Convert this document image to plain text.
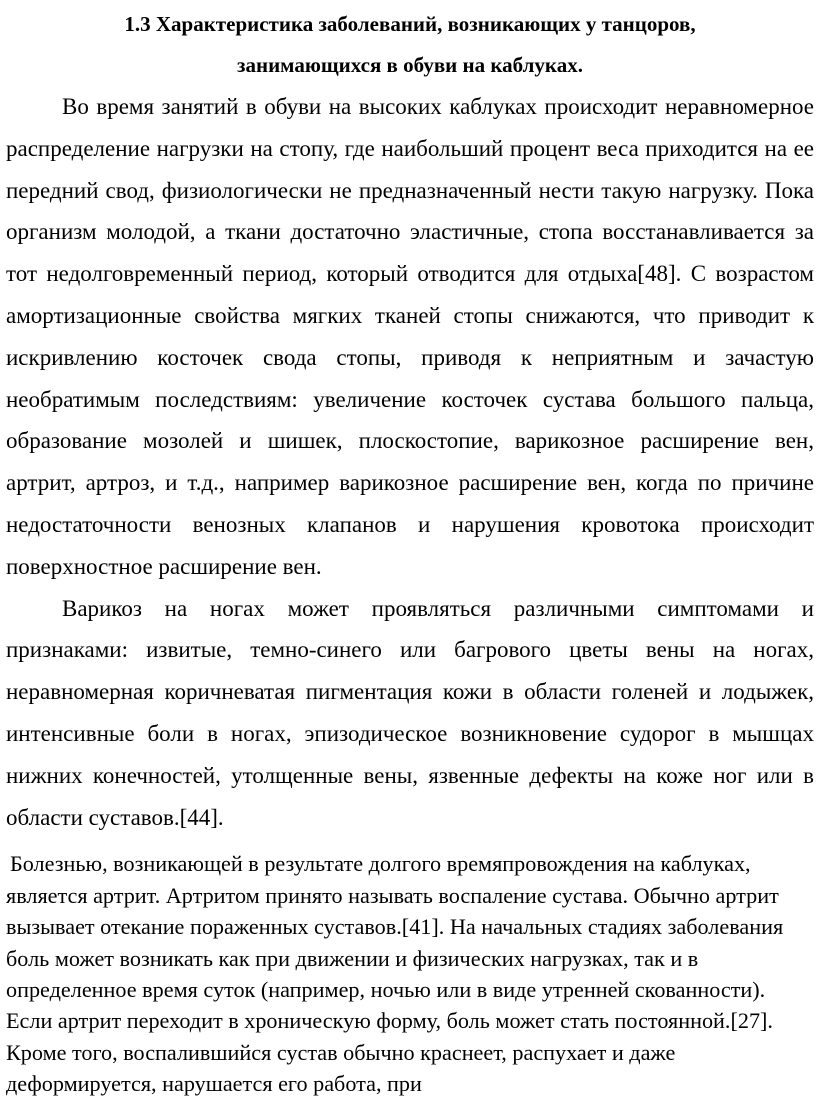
1.3 Характеристика заболеваний, возникающих у танцоров,
занимающихся в обуви на каблуках.

Во время занятий в обуви на высоких каблуках происходит неравномерное распределение нагрузки на стопу, где наибольший процент веса приходится на ее передний свод, физиологически не предназначенный нести такую нагрузку. Пока организм молодой, а ткани достаточно эластичные, стопа восстанавливается за тот недолговременный период, который отводится для отдыха[48]. С возрастом амортизационные свойства мягких тканей стопы снижаются, что приводит к искривлению косточек свода стопы, приводя к неприятным и зачастую необратимым последствиям: увеличение косточек сустава большого пальца, образование мозолей и шишек, плоскостопие, варикозное расширение вен, артрит, артроз, и т.д., например варикозное расширение вен, когда по причине недостаточности венозных клапанов и нарушения кровотока происходит поверхностное расширение вен.

Варикоз на ногах может проявляться различными симптомами и признаками: извитые, темно-синего или багрового цветы вены на ногах, неравномерная коричневатая пигментация кожи в области голеней и лодыжек, интенсивные боли в ногах, эпизодическое возникновение судорог в мышцах нижних конечностей, утолщенные вены, язвенные дефекты на коже ног или в области суставов.[44].

Болезнью, возникающей в результате долгого времяпровождения на каблуках, является артрит. Артритом принято называть воспаление сустава. Обычно артрит вызывает отекание пораженных суставов.[41]. На начальных стадиях заболевания боль может возникать как при движении и физических нагрузках, так и в определенное время суток (например, ночью или в виде утренней скованности). Если артрит переходит в хроническую форму, боль может стать постоянной.[27]. Кроме того, воспалившийся сустав обычно краснеет, распухает и даже деформируется, нарушается его работа, при
